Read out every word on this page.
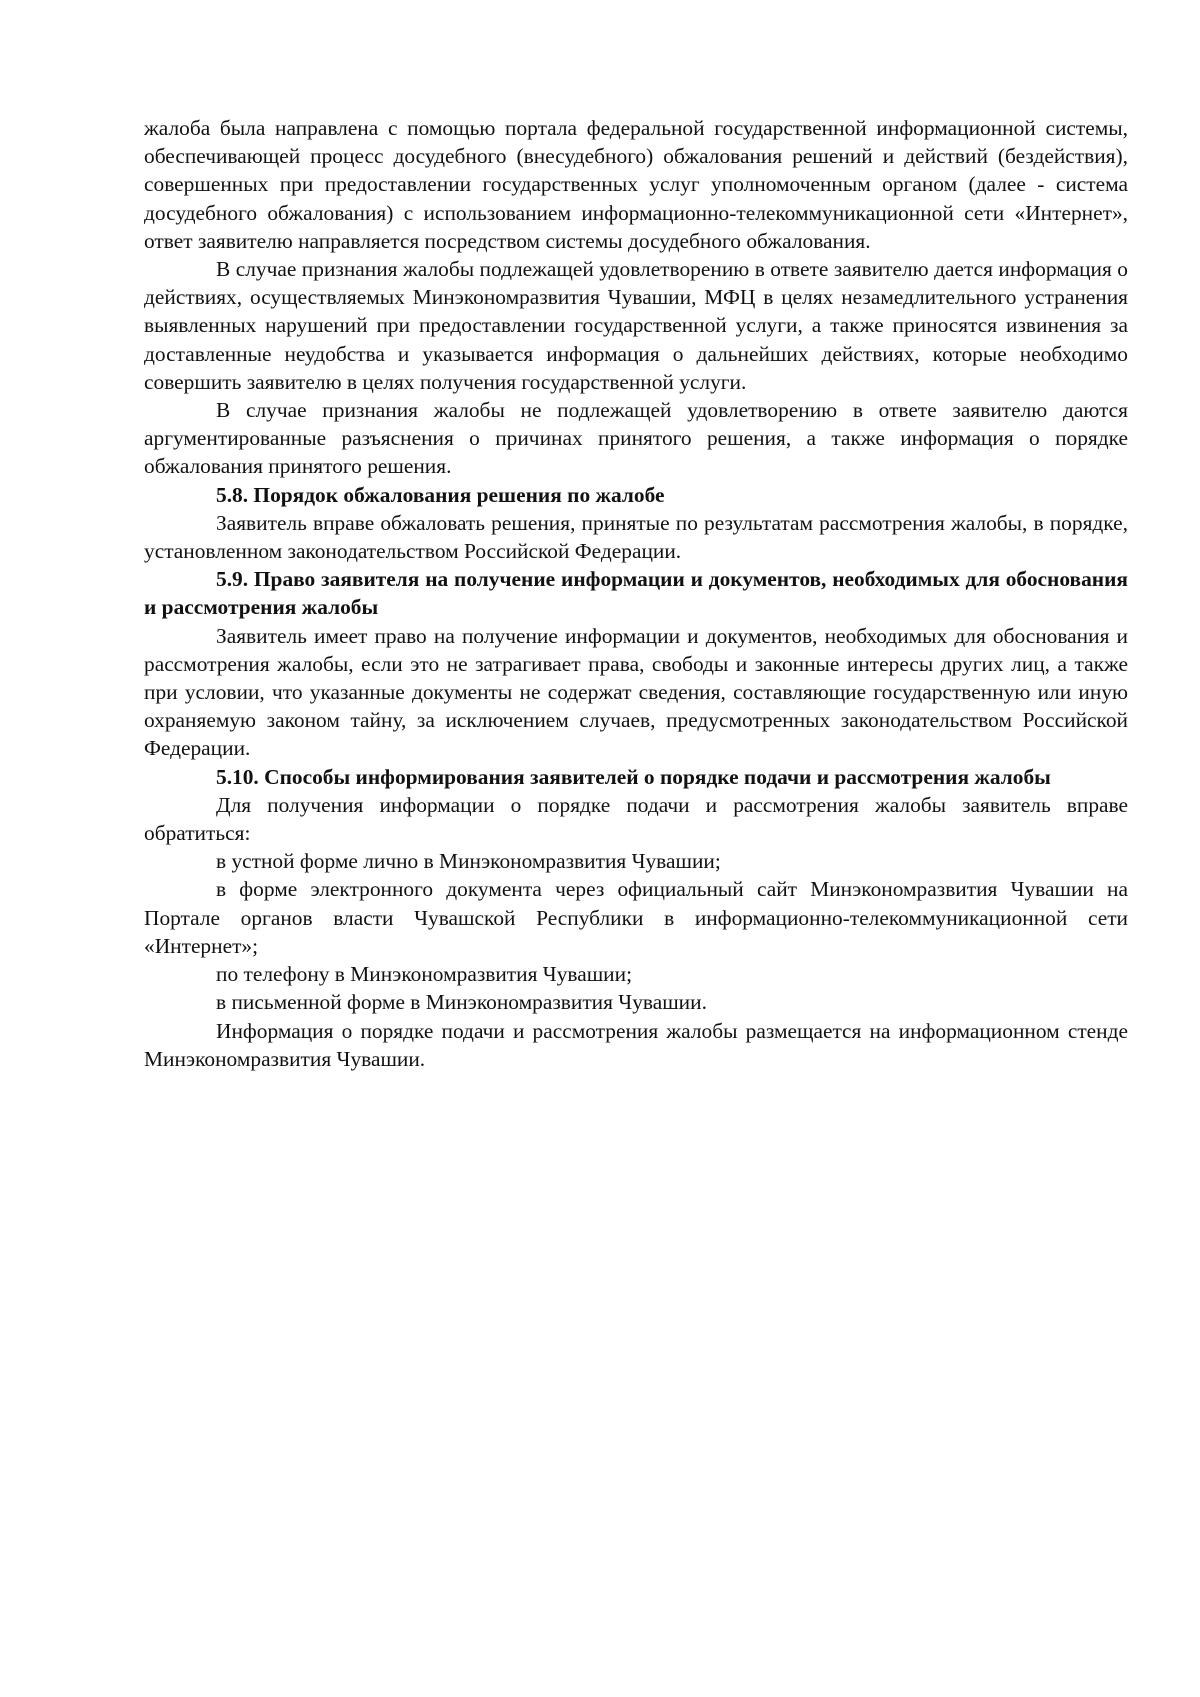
жалоба была направлена с помощью портала федеральной государственной информационной системы, обеспечивающей процесс досудебного (внесудебного) обжалования решений и действий (бездействия), совершенных при предоставлении государственных услуг уполномоченным органом (далее - система досудебного обжалования) с использованием информационно-телекоммуникационной сети «Интернет», ответ заявителю направляется посредством системы досудебного обжалования.

В случае признания жалобы подлежащей удовлетворению в ответе заявителю дается информация о действиях, осуществляемых Минэкономразвития Чувашии, МФЦ в целях незамедлительного устранения выявленных нарушений при предоставлении государственной услуги, а также приносятся извинения за доставленные неудобства и указывается информация о дальнейших действиях, которые необходимо совершить заявителю в целях получения государственной услуги.

В случае признания жалобы не подлежащей удовлетворению в ответе заявителю даются аргументированные разъяснения о причинах принятого решения, а также информация о порядке обжалования принятого решения.

5.8. Порядок обжалования решения по жалобе

Заявитель вправе обжаловать решения, принятые по результатам рассмотрения жалобы, в порядке, установленном законодательством Российской Федерации.

5.9. Право заявителя на получение информации и документов, необходимых для обоснования и рассмотрения жалобы

Заявитель имеет право на получение информации и документов, необходимых для обоснования и рассмотрения жалобы, если это не затрагивает права, свободы и законные интересы других лиц, а также при условии, что указанные документы не содержат сведения, составляющие государственную или иную охраняемую законом тайну, за исключением случаев, предусмотренных законодательством Российской Федерации.

5.10. Способы информирования заявителей о порядке подачи и рассмотрения жалобы

Для получения информации о порядке подачи и рассмотрения жалобы заявитель вправе обратиться:

в устной форме лично в Минэкономразвития Чувашии;

в форме электронного документа через официальный сайт Минэкономразвития Чувашии на Портале органов власти Чувашской Республики в информационно-телекоммуникационной сети «Интернет»;

по телефону в Минэкономразвития Чувашии;

в письменной форме в Минэкономразвития Чувашии.

Информация о порядке подачи и рассмотрения жалобы размещается на информационном стенде Минэкономразвития Чувашии.
